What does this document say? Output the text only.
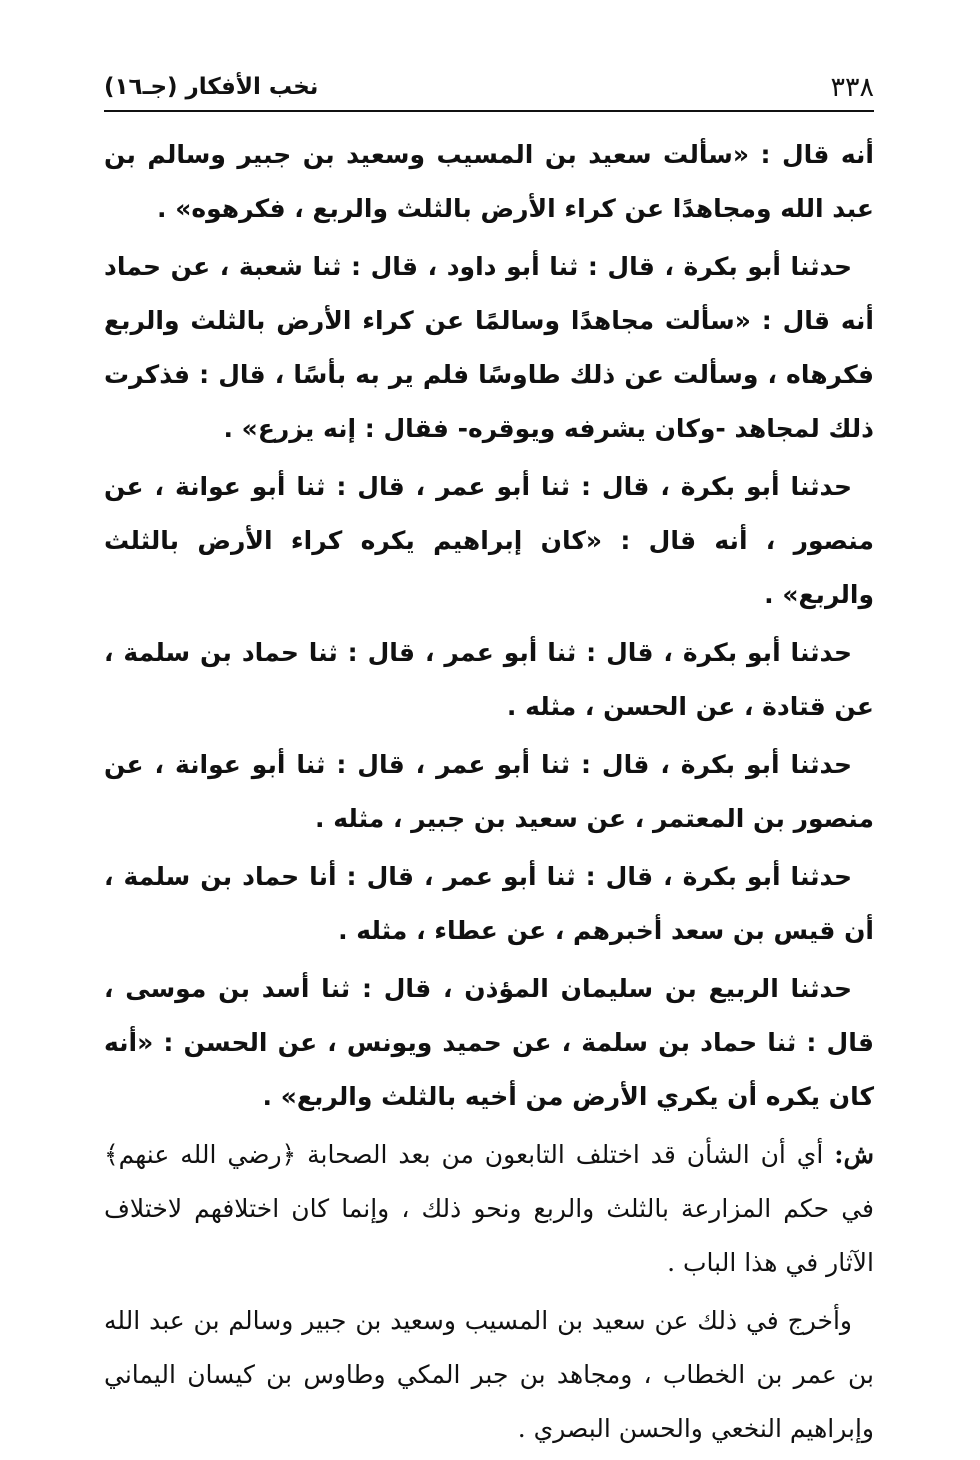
٣٣٨
نخب الأفكار (جـ١٦)

أنه قال : «سألت سعيد بن المسيب وسعيد بن جبير وسالم بن عبد الله ومجاهدًا عن كراء الأرض بالثلث والربع ، فكرهوه» .

حدثنا أبو بكرة ، قال : ثنا أبو داود ، قال : ثنا شعبة ، عن حماد أنه قال : «سألت مجاهدًا وسالمًا عن كراء الأرض بالثلث والربع فكرهاه ، وسألت عن ذلك طاوسًا فلم ير به بأسًا ، قال : فذكرت ذلك لمجاهد -وكان يشرفه ويوقره- فقال : إنه يزرع» .

حدثنا أبو بكرة ، قال : ثنا أبو عمر ، قال : ثنا أبو عوانة ، عن منصور ، أنه قال : «كان إبراهيم يكره كراء الأرض بالثلث والربع» .

حدثنا أبو بكرة ، قال : ثنا أبو عمر ، قال : ثنا حماد بن سلمة ، عن قتادة ، عن الحسن ، مثله .

حدثنا أبو بكرة ، قال : ثنا أبو عمر ، قال : ثنا أبو عوانة ، عن منصور بن المعتمر ، عن سعيد بن جبير ، مثله .

حدثنا أبو بكرة ، قال : ثنا أبو عمر ، قال : أنا حماد بن سلمة ، أن قيس بن سعد أخبرهم ، عن عطاء ، مثله .

حدثنا الربيع بن سليمان المؤذن ، قال : ثنا أسد بن موسى ، قال : ثنا حماد بن سلمة ، عن حميد ويونس ، عن الحسن : «أنه كان يكره أن يكري الأرض من أخيه بالثلث والربع» .

ش: أي أن الشأن قد اختلف التابعون من بعد الصحابة ﴿رضي الله عنهم﴾ في حكم المزارعة بالثلث والربع ونحو ذلك ، وإنما كان اختلافهم لاختلاف الآثار في هذا الباب .

وأخرج في ذلك عن سعيد بن المسيب وسعيد بن جبير وسالم بن عبد الله بن عمر بن الخطاب ، ومجاهد بن جبر المكي وطاوس بن كيسان اليماني وإبراهيم النخعي والحسن البصري .
